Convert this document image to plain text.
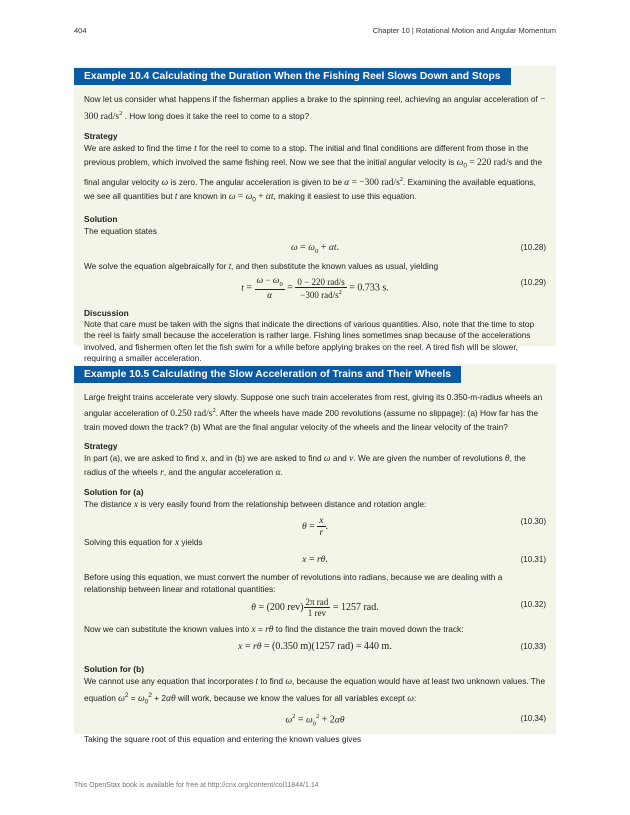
404	Chapter 10 | Rotational Motion and Angular Momentum
Example 10.4 Calculating the Duration When the Fishing Reel Slows Down and Stops

Now let us consider what happens if the fisherman applies a brake to the spinning reel, achieving an angular acceleration of − 300 rad/$s^2$ . How long does it take the reel to come to a stop?

Strategy

We are asked to find the time t for the reel to come to a stop. The initial and final conditions are different from those in the previous problem, which involved the same fishing reel. Now we see that the initial angular velocity is $\omega_0 = 220$ rad/s and the final angular velocity ω is zero. The angular acceleration is given to be α = −300 rad/$s^2$. Examining the available equations, we see all quantities but t are known in $\omega = \omega_0 + \alpha t$, making it easiest to use this equation.

Solution

The equation states

$\omega = \omega_0 + \alpha t$.	(10.28)

We solve the equation algebraically for t, and then substitute the known values as usual, yielding

$t = \frac{\omega - \omega_0}{\alpha} = \frac{\text{0 − 220 rad/s}}{-300 rad/s^2} = 0.733$ s.
(10.29)
Discussion

Note that care must be taken with the signs that indicate the directions of various quantities. Also, note that the time to stop the reel is fairly small because the acceleration is rather large. Fishing lines sometimes snap because of the accelerations involved, and fishermen often let the fish swim for a while before applying brakes on the reel. A tired fish will be slower, requiring a smaller acceleration.

Example 10.5 Calculating the Slow Acceleration of Trains and Their Wheels

Large freight trains accelerate very slowly. Suppose one such train accelerates from rest, giving its 0.350-m-radius wheels an angular acceleration of 0.250 rad/$s^2$. After the wheels have made 200 revolutions (assume no slippage): (a) How far has the train moved down the track? (b) What are the final angular velocity of the wheels and the linear velocity of the train?

Strategy

In part (a), we are asked to find x, and in (b) we are asked to find ω and v. We are given the number of revolutions θ, the radius of the wheels r, and the angular acceleration α.

Solution for (a)

The distance x is very easily found from the relationship between distance and rotation angle:

$\theta = \frac{x}{r}$ .	(10.30)

Solving this equation for x yields

x = rθ.	(10.31)

Before using this equation, we must convert the number of revolutions into radians, because we are dealing with a relationship between linear and rotational quantities:

θ = (200 $rev) \frac{\text{2π rad}}{\text{1 rev}} = 1257$ rad.	(10.32)

Now we can substitute the known values into x = rθ to find the distance the train moved down the track:

x = rθ = (0.350 m)(1257 rad) = 440 m.	(10.33)
Solution for (b)

We cannot use any equation that incorporates t to find ω, because the equation would have at least two unknown values. The equation $\omega^2 = \omega_0^2 + 2\alpha\theta$ will work, because we know the values for all variables except ω:

$\omega^2 = \omega_0^2 + 2\alpha\theta$	(10.34)

Taking the square root of this equation and entering the known values gives

This OpenStax book is available for free at http://cnx.org/content/col11844/1.14
